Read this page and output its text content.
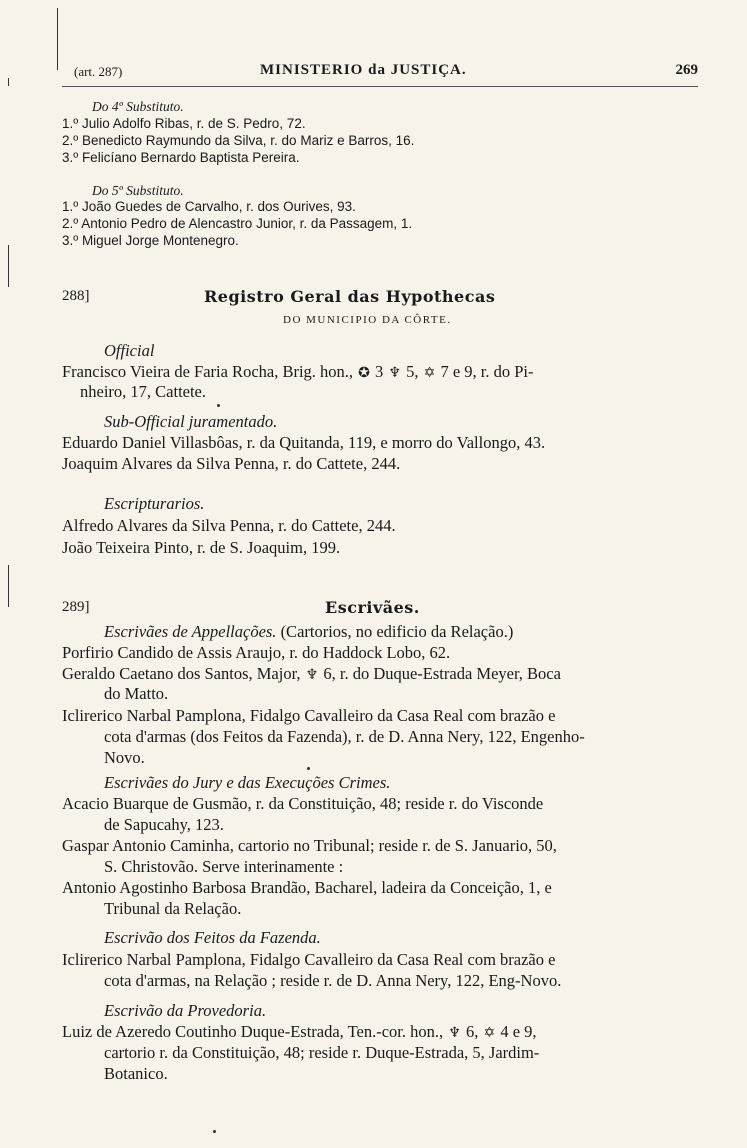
(art. 287)	MINISTERIO da JUSTIÇA.	269
Do 4º Substituto.
1.º Julio Adolfo Ribas, r. de S. Pedro, 72.
2.º Benedicto Raymundo da Silva, r. do Mariz e Barros, 16.
3.º Felicíano Bernardo Baptista Pereira.
Do 5º Substituto.
1.º João Guedes de Carvalho, r. dos Ourives, 93.
2.º Antonio Pedro de Alencastro Junior, r. da Passagem, 1.
3.º Miguel Jorge Montenegro.
288]	Registro Geral das Hypothecas
DO MUNICIPIO DA CÔRTE.
Official
Francisco Vieira de Faria Rocha, Brig. hon., ✪ 3 ♆ 5, ✡ 7 e 9, r. do Pi-
nheiro, 17, Cattete.
Sub-Official juramentado.
Eduardo Daniel Villasbôas, r. da Quitanda, 119, e morro do Vallongo, 43.
Joaquim Alvares da Silva Penna, r. do Cattete, 244.
Escripturarios.
Alfredo Alvares da Silva Penna, r. do Cattete, 244.
João Teixeira Pinto, r. de S. Joaquim, 199.
289]	Escrivães.
Escrivães de Appellações. (Cartorios, no edificio da Relação.)
Porfirio Candido de Assis Araujo, r. do Haddock Lobo, 62.
Geraldo Caetano dos Santos, Major, ♆ 6, r. do Duque-Estrada Meyer, Boca
do Matto.
Iclirerico Narbal Pamplona, Fidalgo Cavalleiro da Casa Real com brazão e
cota d'armas (dos Feitos da Fazenda), r. de D. Anna Nery, 122, Engenho-
Novo.
Escrivães do Jury e das Execuções Crimes.
Acacio Buarque de Gusmão, r. da Constituição, 48; reside r. do Visconde
de Sapucahy, 123.
Gaspar Antonio Caminha, cartorio no Tribunal; reside r. de S. Januario, 50,
S. Christovão. Serve interinamente :
Antonio Agostinho Barbosa Brandão, Bacharel, ladeira da Conceição, 1, e
Tribunal da Relação.
Escrivão dos Feitos da Fazenda.
Iclirerico Narbal Pamplona, Fidalgo Cavalleiro da Casa Real com brazão e
cota d'armas, na Relação ; reside r. de D. Anna Nery, 122, Eng-Novo.
Escrivão da Provedoria.
Luiz de Azeredo Coutinho Duque-Estrada, Ten.-cor. hon., ♆ 6, ✡ 4 e 9,
cartorio r. da Constituição, 48; reside r. Duque-Estrada, 5, Jardim-
Botanico.
